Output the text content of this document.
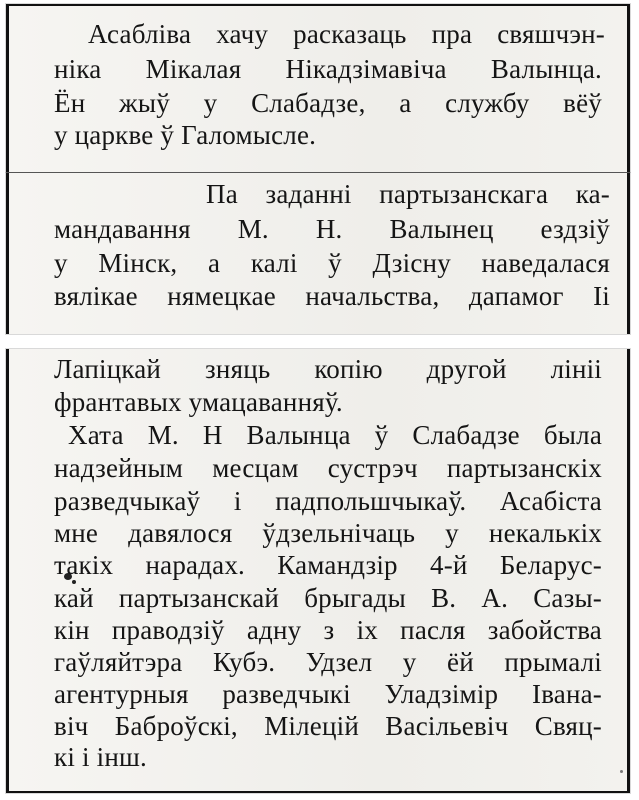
Асабліва хачу расказаць пра свяшчэн-
ніка Мікалая Нікадзімавіча Валынца.
Ён жыў у Слабадзе, а службу вёў
у царкве ў Галомысле.
Па заданні партызанскага ка-
мандавання М. Н. Валынец ездзіў
у Мінск, а калі ў Дзісну наведалася
вялікае нямецкае начальства, дапамог Іі
Лапіцкай зняць копію другой лініі
франтавых умацаванняў.
Хата М. Н Валынца ў Слабадзе была
надзейным месцам сустрэч партызанскіх
разведчыкаў і падпольшчыкаў. Асабіста
мне давялося ўдзельнічаць у некалькіх
такіх нарадах. Камандзір 4-й Беларус-
кай партызанскай брыгады В. А. Сазы-
кін праводзіў адну з іх пасля забойства
гаўляйтэра Кубэ. Удзел у ёй прымалі
агентурныя разведчыкі Уладзімір Івана-
віч Баброўскі, Мілецій Васільевіч Свяц-
кі і інш.
